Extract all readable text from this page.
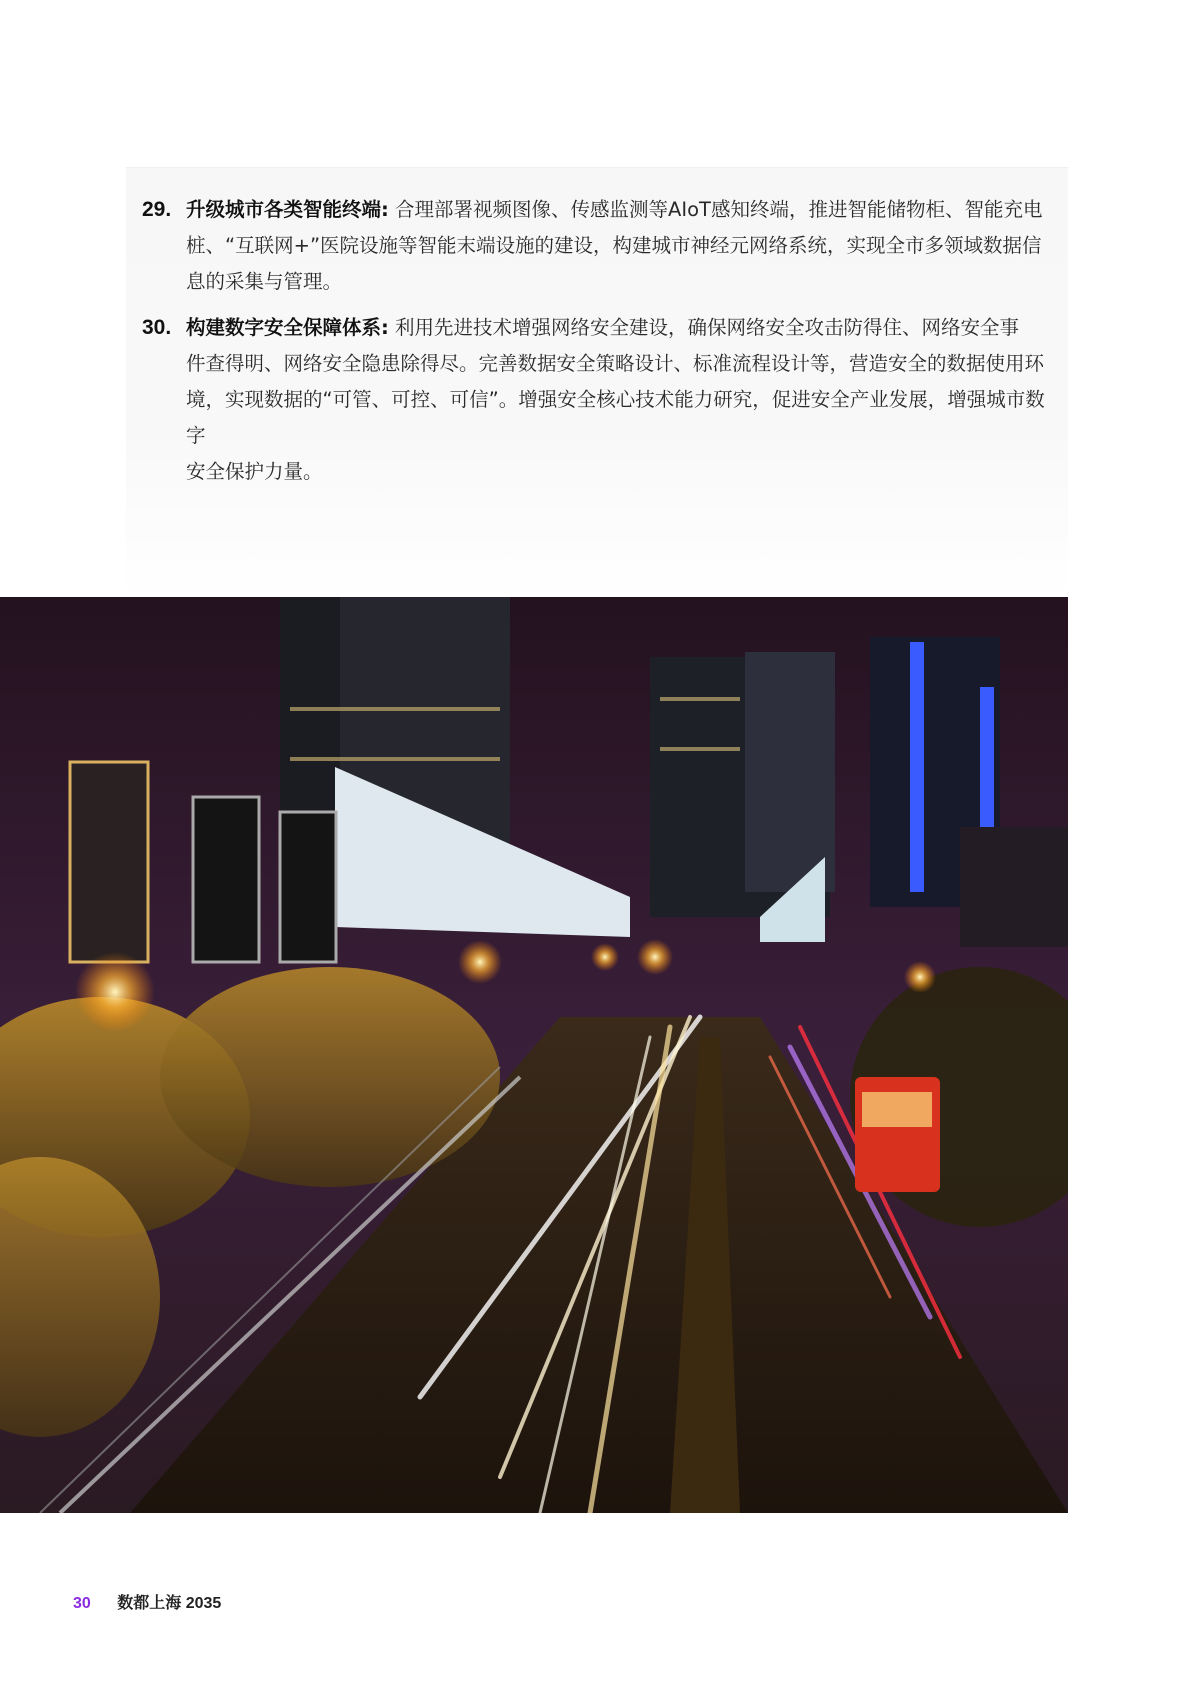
29. 升级城市各类智能终端: 合理部署视频图像、传感监测等AIoT感知终端，推进智能储物柜、智能充电
桩、“互联网+”医院设施等智能末端设施的建设，构建城市神经元网络系统，实现全市多领域数据信
息的采集与管理。
30. 构建数字安全保障体系: 利用先进技术增强网络安全建设，确保网络安全攻击防得住、网络安全事
件查得明、网络安全隐患除得尽。完善数据安全策略设计、标准流程设计等，营造安全的数据使用环
境，实现数据的“可管、可控、可信”。增强安全核心技术能力研究，促进安全产业发展，增强城市数字
安全保护力量。
30 数都上海 2035
